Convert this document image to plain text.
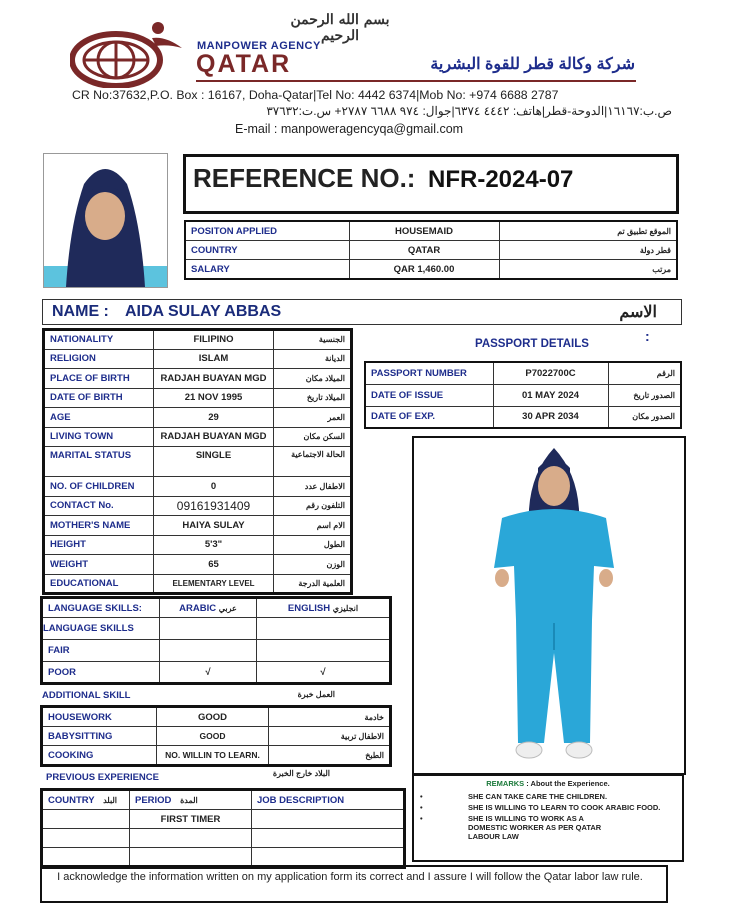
بسم الله الرحمن الرحيم
MANPOWER AGENCY
QATAR	شركة وكالة قطر للقوة البشرية
CR No:37632,P.O. Box : 16167, Doha-Qatar|Tel No: 4442 6374|Mob No: +974 6688 2787
ص.ب:١٦١٦٧|الدوحة-قطر|هاتف: ٤٤٤٢ ٦٣٧٤|جوال: ٩٧٤ ٦٦٨٨ ٢٧٨٧+ س.ت:٣٧٦٣٢
E-mail : manpoweragencyqa@gmail.com
REFERENCE NO.: NFR-2024-07
POSITON APPLIED	HOUSEMAID	الموقع تطبيق تم
COUNTRY	QATAR	قطر دولة
SALARY	QAR 1,460.00	مرتب
NAME : AIDA SULAY ABBAS	الاسم
NATIONALITY	FILIPINO	الجنسية
RELIGION	ISLAM	الديانة
PLACE OF BIRTH	RADJAH BUAYAN MGD	الميلاد مكان
DATE OF BIRTH	21 NOV 1995	الميلاد تاريخ
AGE	29	العمر
LIVING TOWN	RADJAH BUAYAN MGD	السكن مكان
MARITAL STATUS	SINGLE	الحالة الاجتماعية
NO. OF CHILDREN	0	الاطفال عدد
CONTACT No.	09161931409	التلفون رقم
MOTHER'S NAME	HAIYA SULAY	الام اسم
HEIGHT	5'3"	الطول
WEIGHT	65	الوزن
EDUCATIONAL	ELEMENTARY LEVEL	العلمية الدرجة
PASSPORT DETAILS	:
PASSPORT NUMBER	P7022700C	الرقم
DATE OF ISSUE	01 MAY 2024	الصدور تاريخ
DATE OF EXP.	30 APR 2034	الصدور مكان
LANGUAGE SKILLS:	ARABIC عربي	ENGLISH انجليزي
LANGUAGE SKILLS		
FAIR		
POOR	√	√
ADDITIONAL SKILL	العمل خبرة
HOUSEWORK	GOOD	خادمة
BABYSITTING	GOOD	الاطفال تربية
COOKING	NO. WILLIN TO LEARN.	الطبخ
PREVIOUS EXPERIENCE	البلاد خارج الخبرة
COUNTRY البلد	PERIOD المدة	JOB DESCRIPTION
	FIRST TIMER	

REMARKS : About the Experience.
•	SHE CAN TAKE CARE THE CHILDREN.
•	SHE IS WILLING TO LEARN TO COOK ARABIC FOOD.
•	SHE IS WILLING TO WORK AS A DOMESTIC WORKER AS PER QATAR LABOUR LAW
I acknowledge the information written on my application form its correct and I assure I will follow the Qatar labor law rule.
